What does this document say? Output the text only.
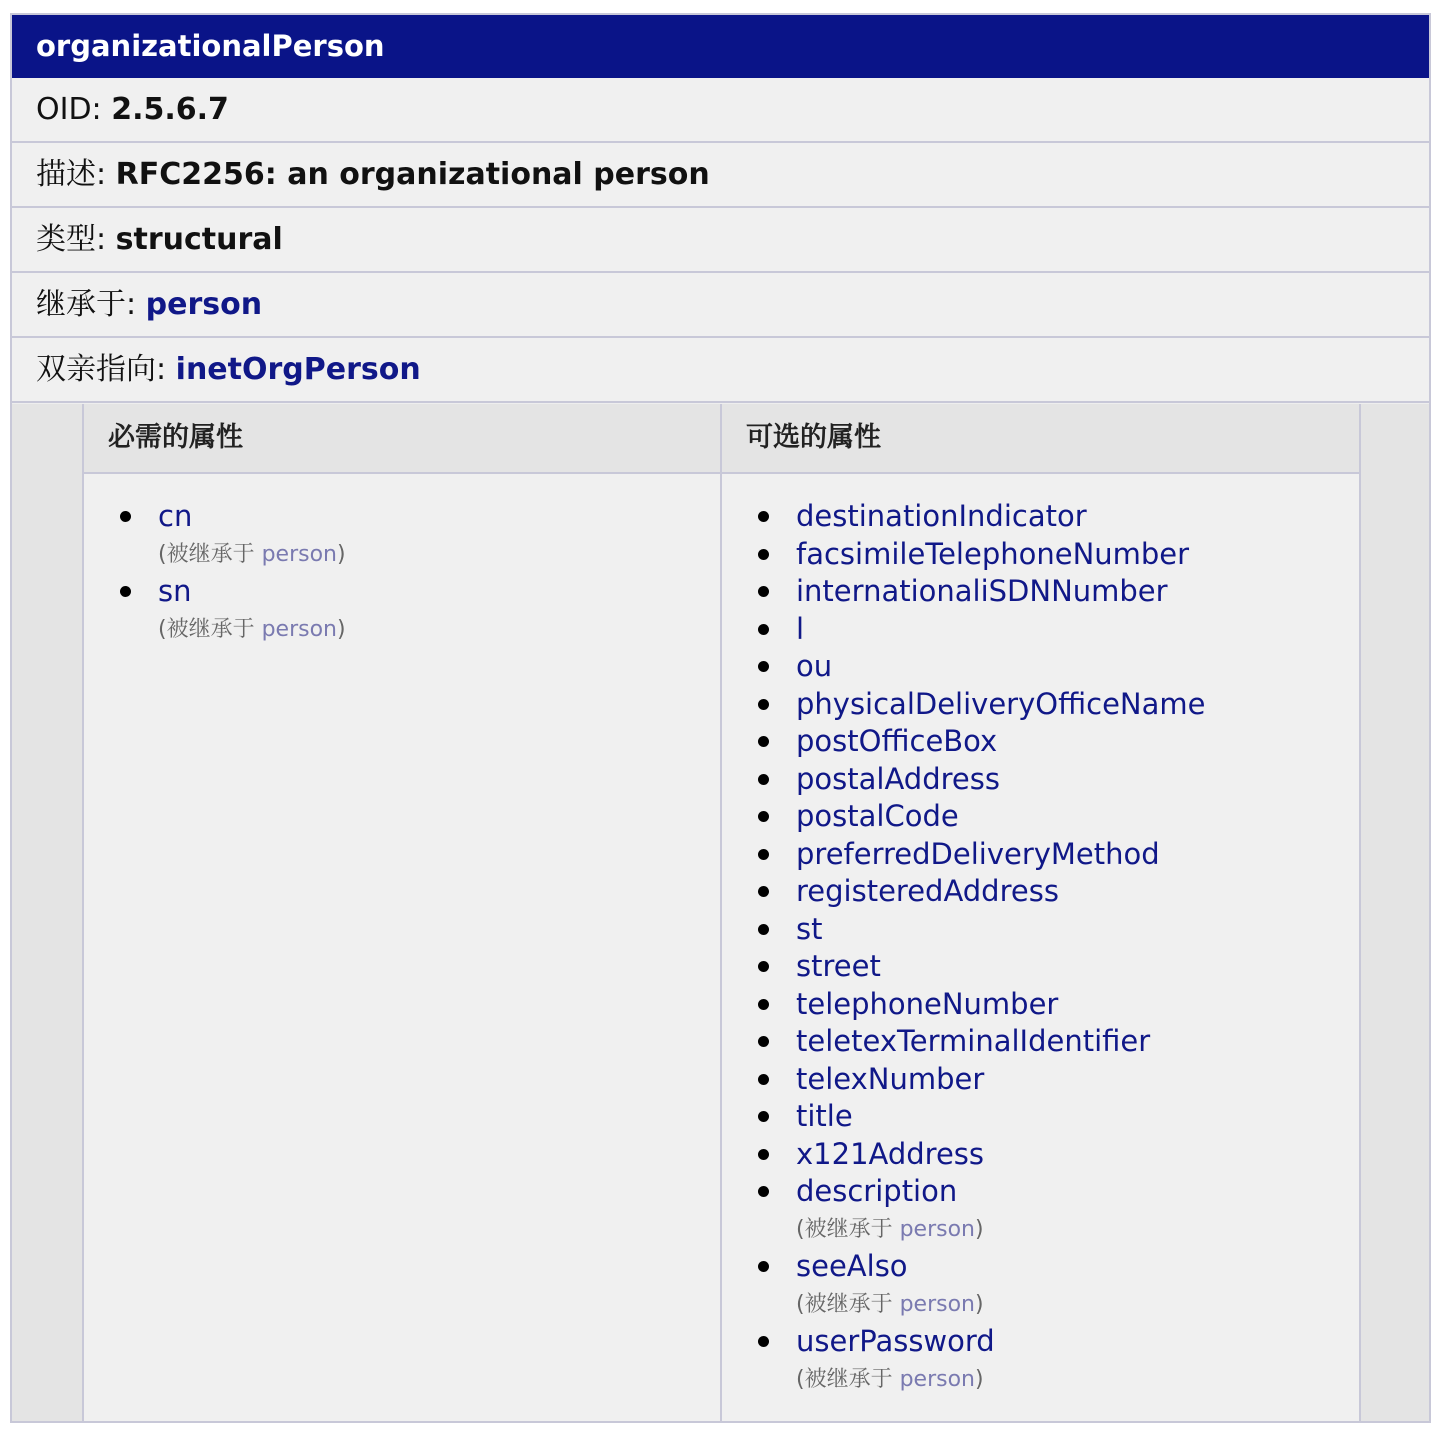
organizationalPerson
OID: 2.5.6.7
描述: RFC2256: an organizational person
类型: structural
继承于: person
双亲指向: inetOrgPerson
必需的属性
cn
(被继承于 person)
sn
(被继承于 person)
可选的属性
destinationIndicator
facsimileTelephoneNumber
internationaliSDNNumber
l
ou
physicalDeliveryOfficeName
postOfficeBox
postalAddress
postalCode
preferredDeliveryMethod
registeredAddress
st
street
telephoneNumber
teletexTerminalIdentifier
telexNumber
title
x121Address
description
(被继承于 person)
seeAlso
(被继承于 person)
userPassword
(被继承于 person)
